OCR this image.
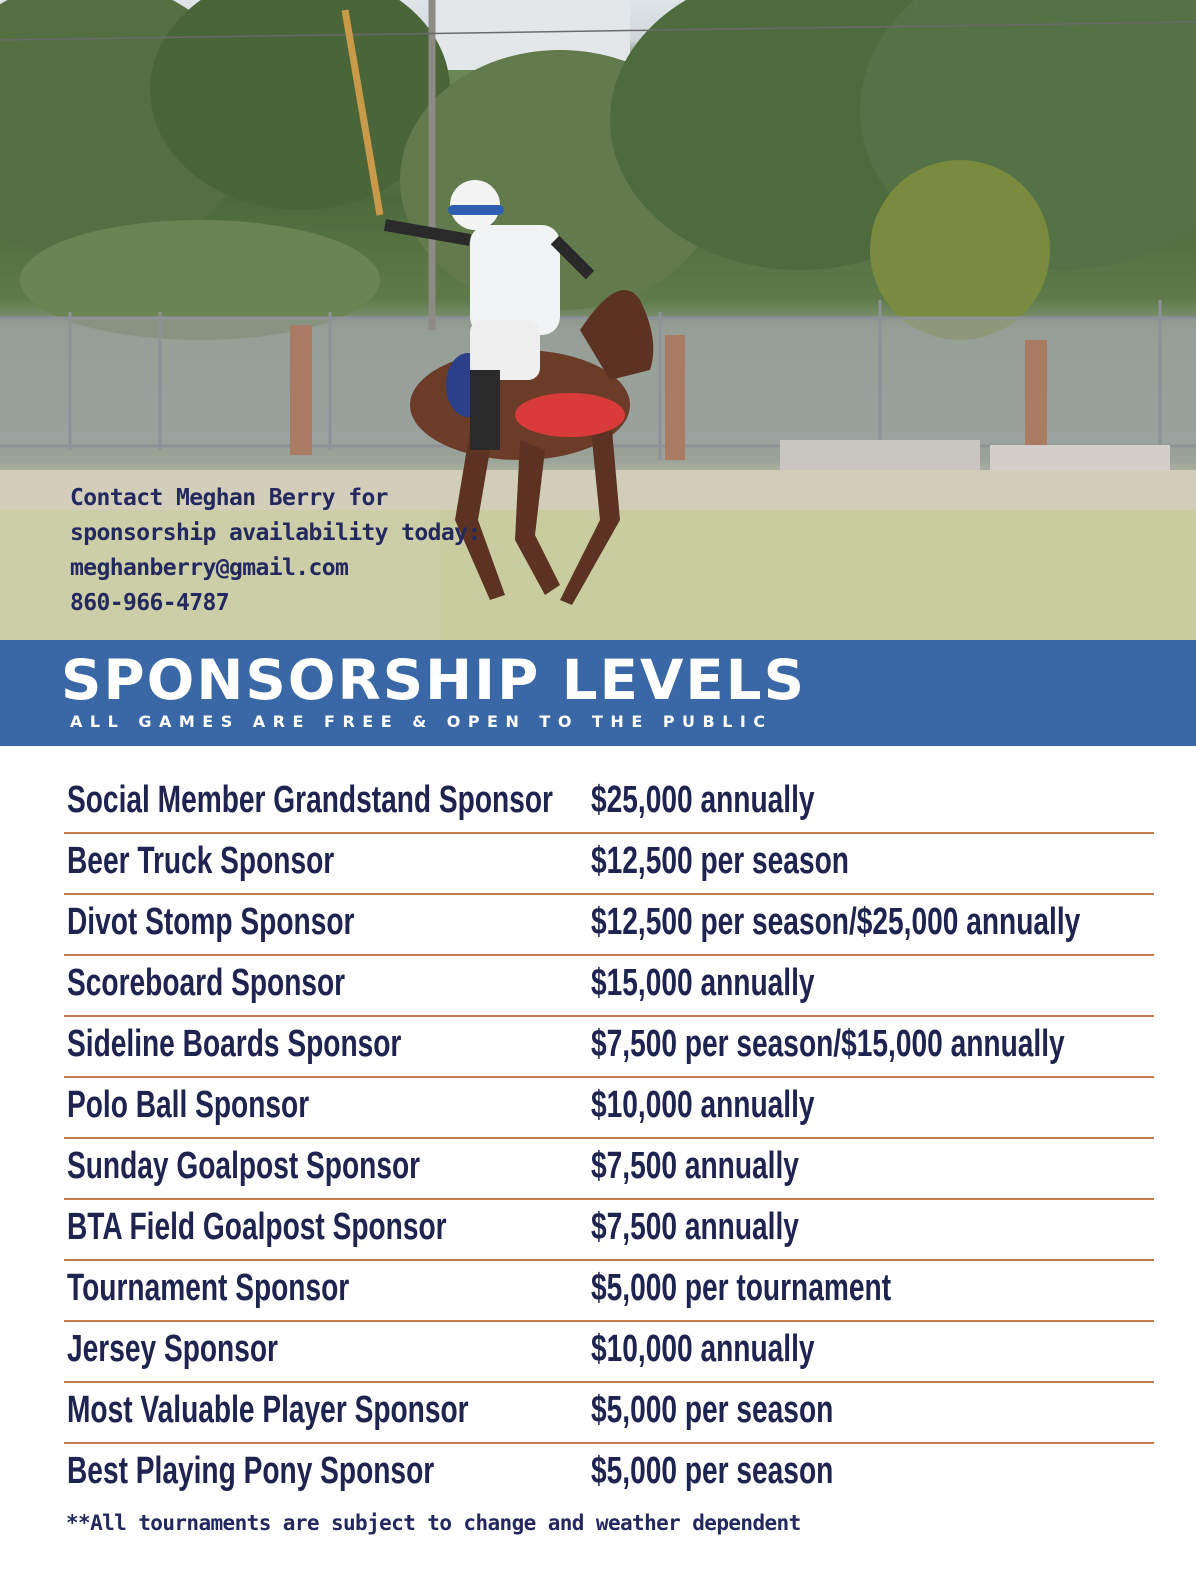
Contact Meghan Berry for
sponsorship availability today:
meghanberry@gmail.com
860-966-4787
SPONSORSHIP LEVELS
ALL GAMES ARE FREE & OPEN TO THE PUBLIC
Social Member Grandstand Sponsor $25,000 annually
Beer Truck Sponsor	$12,500 per season
Divot Stomp Sponsor	$12,500 per season/$25,000 annually
Scoreboard Sponsor	$15,000 annually
Sideline Boards Sponsor	$7,500 per season/$15,000 annually
Polo Ball Sponsor	$10,000 annually
Sunday Goalpost Sponsor	$7,500 annually
BTA Field Goalpost Sponsor	$7,500 annually
Tournament Sponsor	$5,000 per tournament
Jersey Sponsor	$10,000 annually
Most Valuable Player Sponsor	$5,000 per season
Best Playing Pony Sponsor	$5,000 per season
**All tournaments are subject to change and weather dependent
